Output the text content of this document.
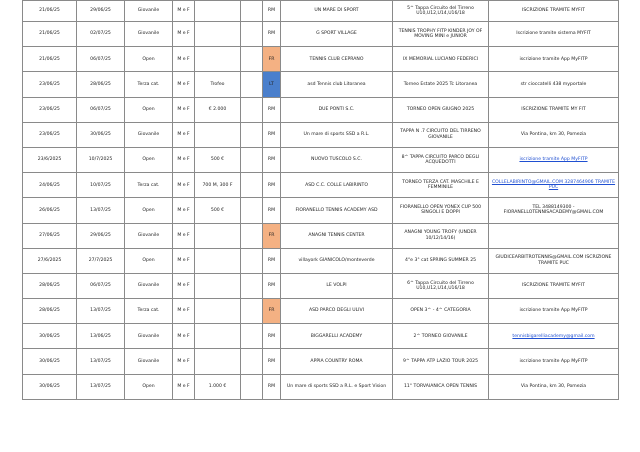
21/06/25	29/06/25	Giovanile	M e F			RM	UN MARE DI SPORT	5^ Tappa Circuito del Tirreno U10,U12,U14,U16/18	ISCRIZIONE TRAMITE MYFIT
21/06/25	02/07/25	Giovanile	M e F			RM	G SPORT VILLAGE	TENNIS TROPHY FITP KINDER JOY OF MOVING MINI e JUNIOR	Iscrizione tramite sistema MYFIT
21/06/25	06/07/25	Open	M e F			FR	TENNIS CLUB CEPRANO	IX MEMORIAL LUCIANO FEDERICI	iscrizione tramite App MyFITP
23/06/25	28/06/25	Terza cat.	M e F	Trofeo		LT	asd Tennis club Litoranea	Torneo Estate 2025 Tc Litoranea	str cioccatelli 438 myportale
23/06/25	06/07/25	Open	M e F	€ 2.000		RM	DUE PONTI S.C.	TORNEO OPEN GIUGNO 2025	ISCRIZIONE TRAMITE MY FIT
23/06/25	30/06/25	Giovanile	M e F			RM	Un mare di sports SSD a R.L.	TAPPA N .7 CIRCUITO DEL TIRRENO GIOVANILE	Via Pontina, km 30, Pomezia
23/6/2025	10/7/2025	Open	M e F	500 €		RM	NUOVO TUSCOLO S.C.	8^ TAPPA CIRCUITO PARCO DEGLI ACQUEDOTTI	iscrizione tramite App MyFITP
24/06/25	10/07/25	Terza cat.	M e F	700 M, 300 F		RM	ASD C.C. COLLE LABIRINTO	TORNEO TERZA CAT. MASCHILE E FEMMINILE	COLLELABIRINTO@GMAIL.COM 3287464906 TRAMITE PUC
26/06/25	13/07/25	Open	M e F	500 €		RM	FIORANELLO TENNIS ACADEMY ASD	FIORANELLO OPEN YONEX CUP 500 SINGOLI E DOPPI	TEL 3488149300 - FIORANELLOTENNISACADEMY@GMAIL.COM
27/06/25	29/06/25	Giovanile	M e F			FR	ANAGNI TENNIS CENTER	ANAGNI YOUNG TROFY (UNDER 10/12/14/16)	
27/6/2025	27/7/2025	Open	M e F			RM	villayork GIANICOLO/monteverde	4°e 3° cat SPRING SUMMER 25	GIUDICEARBITROTENNIS@GMAIL.COM ISCRIZIONE TRAMITE PUC
28/06/25	06/07/25	Giovanile	M e F			RM	LE VOLPI	6^ Tappa Circuito del Tirreno U10,U12,U14,U16/18	ISCRIZIONE TRAMITE MYFIT
28/06/25	13/07/25	Terza cat.	M e F			FR	ASD PARCO DEGLI ULIVI	OPEN 3^ - 4^ CATEGORIA	iscrizione tramite App MyFITP
30/06/25	13/06/25	Giovanile	M e F			RM	BIGGARELLI ACADEMY	2^ TORNEO GIOVANILE	tennisbigarelliacademy@gmail.com
30/06/25	13/07/25	Giovanile	M e F			RM	APPIA COUNTRY ROMA	9^ TAPPA ATP LAZIO TOUR 2025	iscrizione tramite App MyFITP
30/06/25	13/07/25	Open	M e F	1.000 €		RM	Un mare di sports SSD a R.L. e Sport Vision	11° TORVAIANICA OPEN TENNIS	Via Pontina, km 30, Pomezia
